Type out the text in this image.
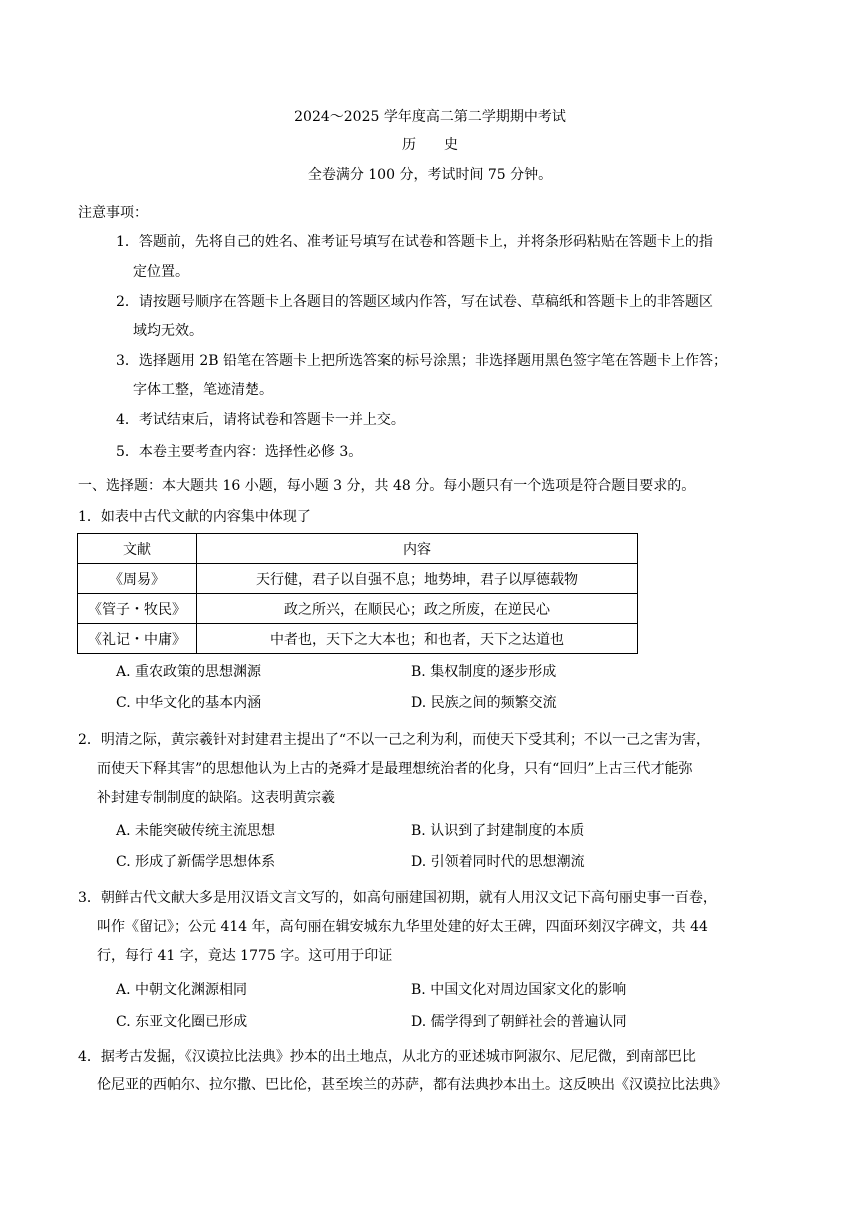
2024～2025 学年度高二第二学期期中考试
历　　史
全卷满分 100 分，考试时间 75 分钟。
注意事项：
1．答题前，先将自己的姓名、准考证号填写在试卷和答题卡上，并将条形码粘贴在答题卡上的指
定位置。
2．请按题号顺序在答题卡上各题目的答题区域内作答，写在试卷、草稿纸和答题卡上的非答题区
域均无效。
3．选择题用 2B 铅笔在答题卡上把所选答案的标号涂黑；非选择题用黑色签字笔在答题卡上作答；
字体工整，笔迹清楚。
4．考试结束后，请将试卷和答题卡一并上交。
5．本卷主要考查内容：选择性必修 3。
一、选择题：本大题共 16 小题，每小题 3 分，共 48 分。每小题只有一个选项是符合题目要求的。
1．如表中古代文献的内容集中体现了
文献	内容
《周易》	天行健，君子以自强不息；地势坤，君子以厚德载物
《管子・牧民》	政之所兴，在顺民心；政之所废，在逆民心
《礼记・中庸》	中者也，天下之大本也；和也者，天下之达道也
A. 重农政策的思想渊源	B. 集权制度的逐步形成
C. 中华文化的基本内涵	D. 民族之间的频繁交流
2．明清之际，黄宗羲针对封建君主提出了“不以一己之利为利，而使天下受其利；不以一己之害为害，
而使天下释其害”的思想他认为上古的尧舜才是最理想统治者的化身，只有“回归”上古三代才能弥
补封建专制制度的缺陷。这表明黄宗羲
A. 未能突破传统主流思想	B. 认识到了封建制度的本质
C. 形成了新儒学思想体系	D. 引领着同时代的思想潮流
3．朝鲜古代文献大多是用汉语文言文写的，如高句丽建国初期，就有人用汉文记下高句丽史事一百卷，
叫作《留记》；公元 414 年，高句丽在辑安城东九华里处建的好太王碑，四面环刻汉字碑文，共 44
行，每行 41 字，竟达 1775 字。这可用于印证
A. 中朝文化渊源相同	B. 中国文化对周边国家文化的影响
C. 东亚文化圈已形成	D. 儒学得到了朝鲜社会的普遍认同
4．据考古发掘，《汉谟拉比法典》抄本的出土地点，从北方的亚述城市阿淑尔、尼尼微，到南部巴比
伦尼亚的西帕尔、拉尔撒、巴比伦，甚至埃兰的苏萨，都有法典抄本出土。这反映出《汉谟拉比法典》
